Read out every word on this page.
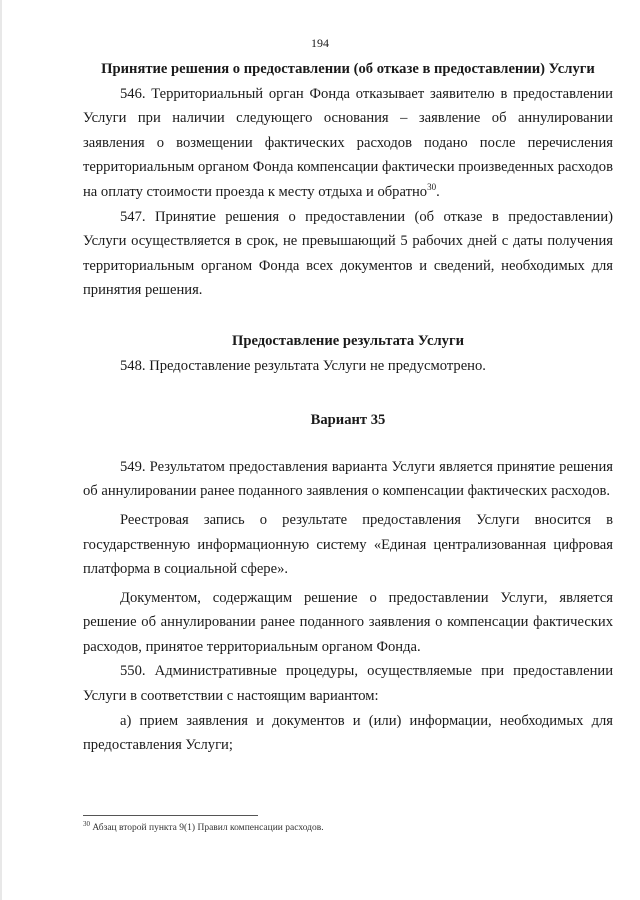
194
Принятие решения о предоставлении (об отказе в предоставлении) Услуги

546. Территориальный орган Фонда отказывает заявителю в предоставлении Услуги при наличии следующего основания – заявление об аннулировании заявления о возмещении фактических расходов подано после перечисления территориальным органом Фонда компенсации фактически произведенных расходов на оплату стоимости проезда к месту отдыха и обратно$^{30}$.

547. Принятие решения о предоставлении (об отказе в предоставлении) Услуги осуществляется в срок, не превышающий 5 рабочих дней с даты получения территориальным органом Фонда всех документов и сведений, необходимых для принятия решения.

Предоставление результата Услуги

548. Предоставление результата Услуги не предусмотрено.

Вариант 35

549. Результатом предоставления варианта Услуги является принятие решения об аннулировании ранее поданного заявления о компенсации фактических расходов.

Реестровая запись о результате предоставления Услуги вносится в государственную информационную систему «Единая централизованная цифровая платформа в социальной сфере».

Документом, содержащим решение о предоставлении Услуги, является решение об аннулировании ранее поданного заявления о компенсации фактических расходов, принятое территориальным органом Фонда.

550. Административные процедуры, осуществляемые при предоставлении Услуги в соответствии с настоящим вариантом:

а) прием заявления и документов и (или) информации, необходимых для предоставления Услуги;

$^{30}$ Абзац второй пункта 9(1) Правил компенсации расходов.
